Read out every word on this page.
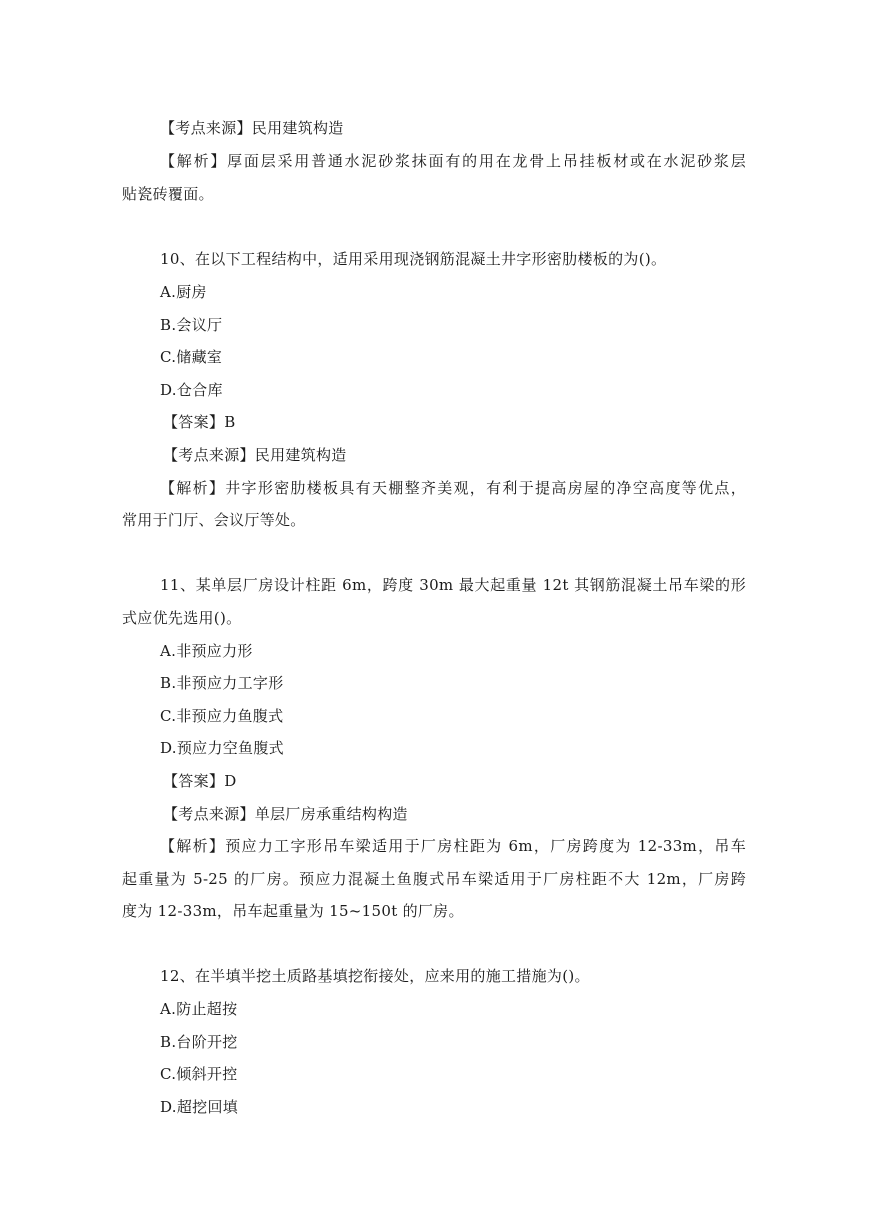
【考点来源】民用建筑构造
【解析】厚面层采用普通水泥砂浆抹面有的用在龙骨上吊挂板材或在水泥砂浆层
贴瓷砖覆面。
10、在以下工程结构中，适用采用现浇钢筋混凝土井字形密肋楼板的为()。
A.厨房
B.会议厅
C.储藏室
D.仓合库
【答案】B
【考点来源】民用建筑构造
【解析】井字形密肋楼板具有天棚整齐美观，有利于提高房屋的净空高度等优点，
常用于门厅、会议厅等处。
11、某单层厂房设计柱距 6m，跨度 30m 最大起重量 12t 其钢筋混凝土吊车梁的形
式应优先选用()。
A.非预应力形
B.非预应力工字形
C.非预应力鱼腹式
D.预应力空鱼腹式
【答案】D
【考点来源】单层厂房承重结构构造
【解析】预应力工字形吊车梁适用于厂房柱距为 6m，厂房跨度为 12-33m，吊车
起重量为 5-25 的厂房。预应力混凝土鱼腹式吊车梁适用于厂房柱距不大 12m，厂房跨
度为 12-33m，吊车起重量为 15~150t 的厂房。
12、在半填半挖土质路基填挖衔接处，应来用的施工措施为()。
A.防止超按
B.台阶开挖
C.倾斜开控
D.超挖回填
